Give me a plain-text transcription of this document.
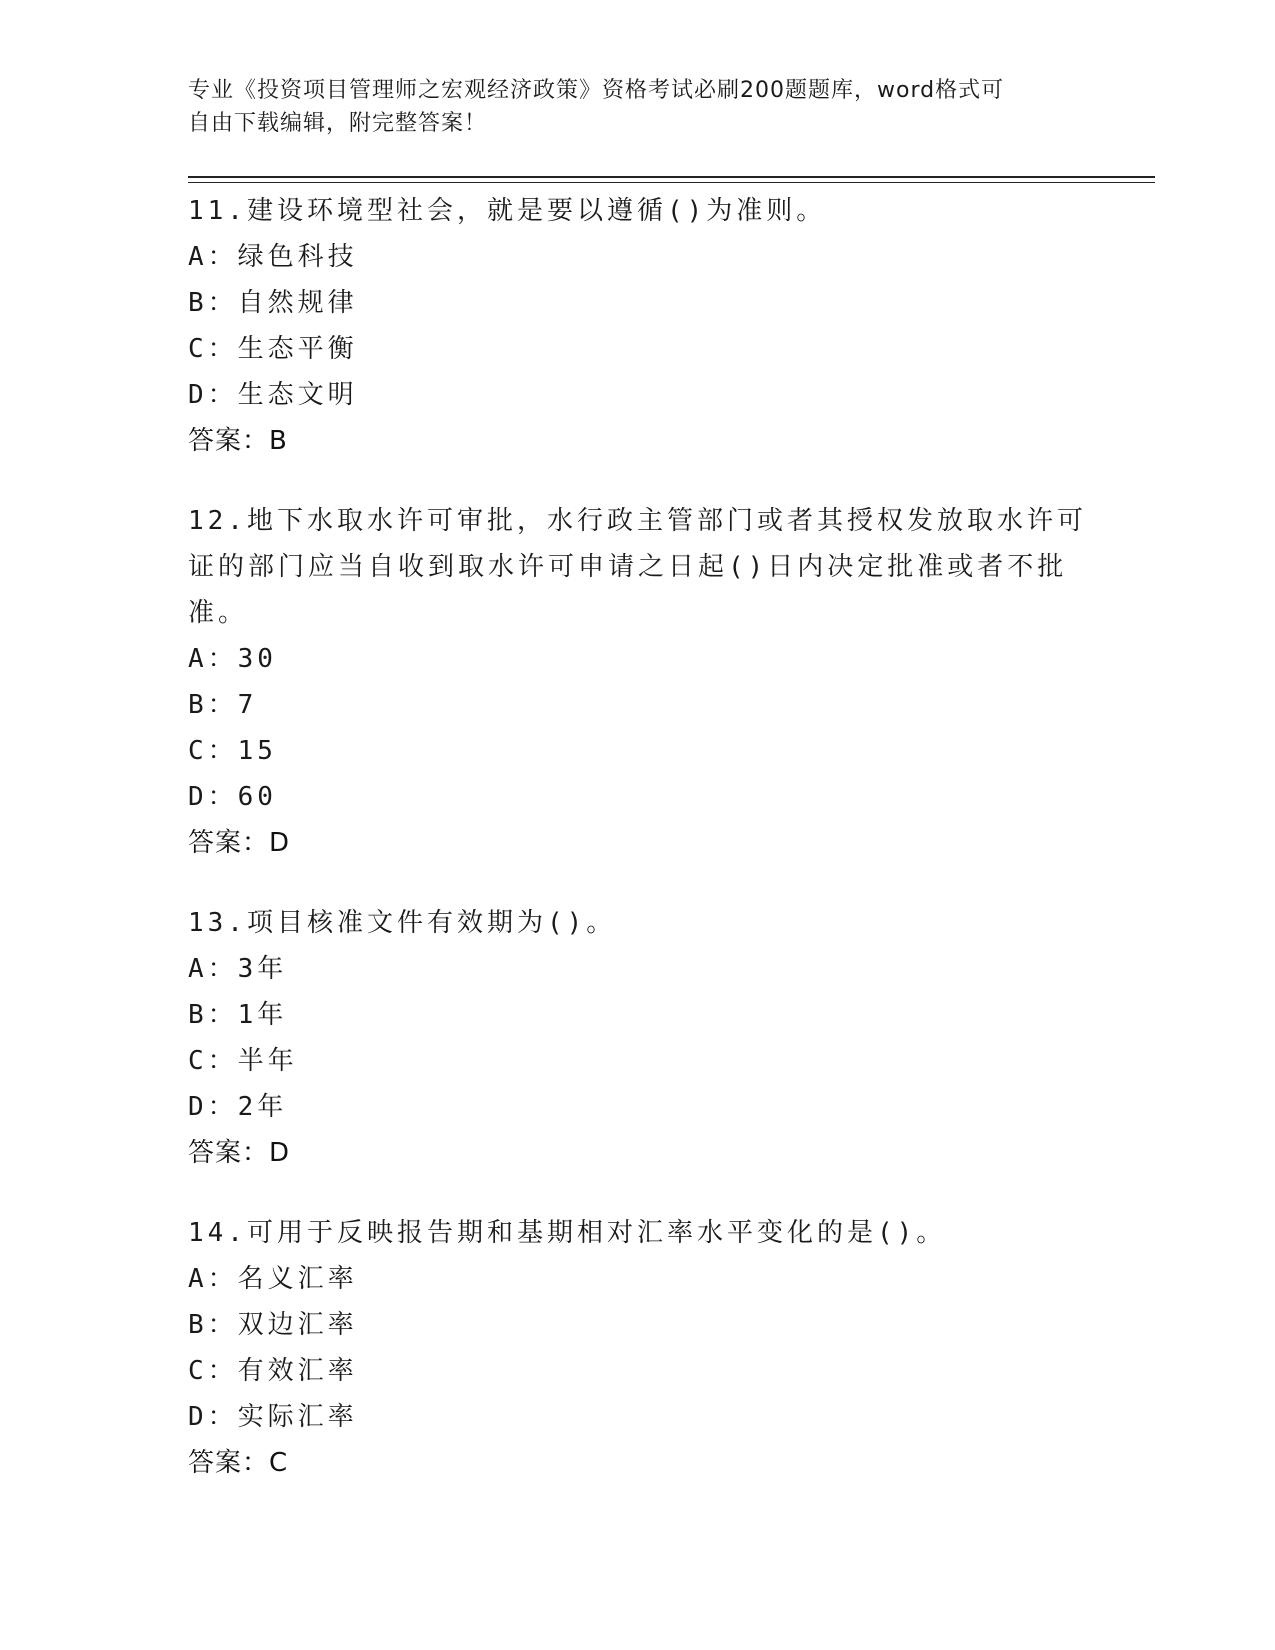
专业《投资项目管理师之宏观经济政策》资格考试必刷200题题库，word格式可
自由下载编辑，附完整答案！

11.建设环境型社会，就是要以遵循()为准则。

A：绿色科技

B：自然规律

C：生态平衡

D：生态文明

答案：B

12.地下水取水许可审批，水行政主管部门或者其授权发放取水许可证的部门应当自收到取水许可申请之日起()日内决定批准或者不批准。

A：30

B：7

C：15

D：60

答案：D

13.项目核准文件有效期为()。

A：3年

B：1年

C：半年

D：2年

答案：D

14.可用于反映报告期和基期相对汇率水平变化的是()。

A：名义汇率

B：双边汇率

C：有效汇率

D：实际汇率

答案：C
